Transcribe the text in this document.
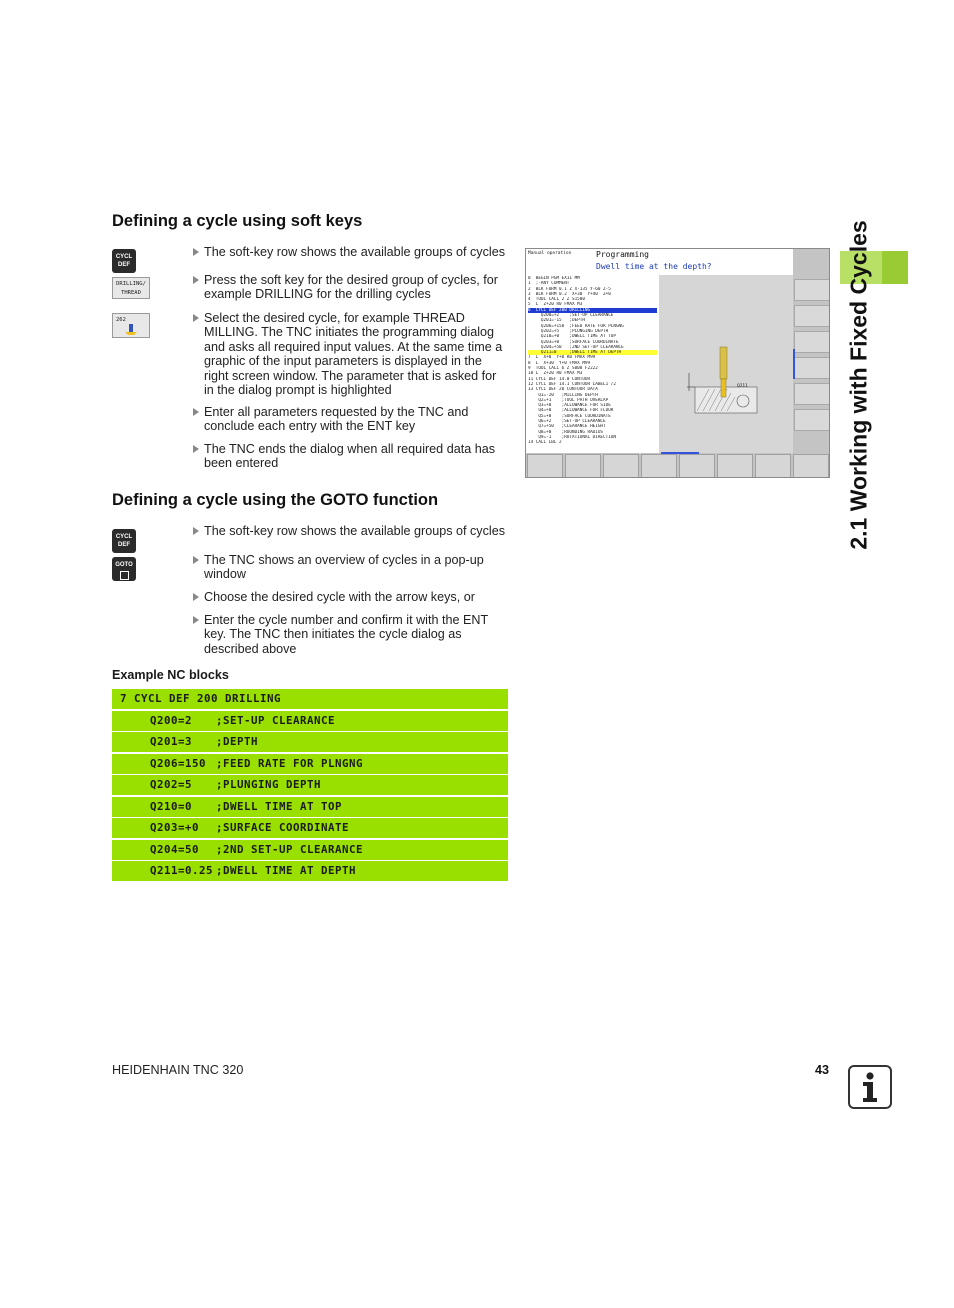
2.1 Working with Fixed Cycles
Defining a cycle using soft keys
CYCL
DEF
DRILLING/
THREAD
262
The soft-key row shows the available groups of cycles
Press the soft key for the desired group of cycles, for example DRILLING for the drilling cycles
Select the desired cycle, for example THREAD MILLING. The TNC initiates the programming dialog and asks all required input values. At the same time a graphic of the input parameters is displayed in the right screen window. The parameter that is asked for in the dialog prompt is highlighted
Enter all parameters requested by the TNC and conclude each entry with the ENT key
The TNC ends the dialog when all required data has been entered
Manual operation	Programming
Dwell time at the depth?
0  BEGIN PGM EX11 MM
1  ;-ANY COMMENT
2  BLK FORM 0.1 Z X-135 Y-60 Z-5
3  BLK FORM 0.2  X+30  Y+40  Z+0
4  TOOL CALL 2 Z S1500
5  L  Z+20 R0 FMAX M3
6  CYCL DEF 200 DRILLING
Q200=+2    ;SET-UP CLEARANCE
Q201=-15   ;DEPTH
Q206=+150  ;FEED RATE FOR PLNGNG
Q202=+5    ;PLUNGING DEPTH
Q210=+0    ;DWELL TIME AT TOP
Q203=+0    ;SURFACE COORDINATE
Q204=+50   ;2ND SET-UP CLEARANCE
Q211=0     ;DWELL TIME AT DEPTH
7  L  X+0  Y+0 R0 FMAX M99
8  L  X+30  Y+0 FMAX M99
9  TOOL CALL 6 Z S000 F2222
10 L  Z+20 R0 FMAX M3
11 CYCL DEF 14.0 CONTOUR
12 CYCL DEF 14.1 CONTOUR LABEL1 /2
13 CYCL DEF 20 CONTOUR DATA
Q1=-20   ;MILLING DEPTH
Q2=+1    ;TOOL PATH OVERLAP
Q3=+0    ;ALLOWANCE FOR SIDE
Q4=+0    ;ALLOWANCE FOR FLOOR
Q5=+0    ;SURFACE COORDINATE
Q6=+2    ;SET-UP CLEARANCE
Q7=+50   ;CLEARANCE HEIGHT
Q8=+0    ;ROUNDING RADIUS
Q9=-1    ;ROTATIONAL DIRECTION
14 CALL LBL 2
Q211
Defining a cycle using the GOTO function
CYCL
DEF
GOTO
The soft-key row shows the available groups of cycles
The TNC shows an overview of cycles in a pop-up window
Choose the desired cycle with the arrow keys, or
Enter the cycle number and confirm it with the ENT key. The TNC then initiates the cycle dialog as described above
Example NC blocks
7 CYCL DEF 200 DRILLING
Q200=2 ;SET-UP CLEARANCE
Q201=3 ;DEPTH
Q206=150 ;FEED RATE FOR PLNGNG
Q202=5 ;PLUNGING DEPTH
Q210=0 ;DWELL TIME AT TOP
Q203=+0 ;SURFACE COORDINATE
Q204=50 ;2ND SET-UP CLEARANCE
Q211=0.25 ;DWELL TIME AT DEPTH
HEIDENHAIN TNC 320	43
